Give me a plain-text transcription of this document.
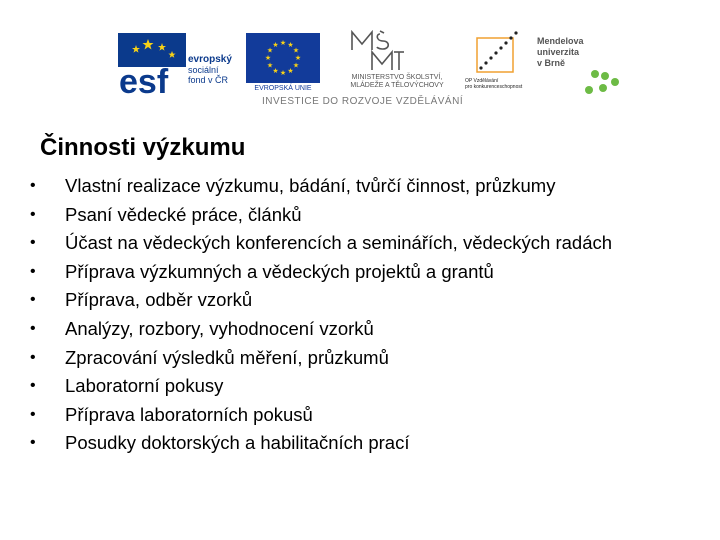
esf
evropský
sociální
fond v ČR
★ ★
★
★
★
★
★
★
★
★
★
★
EVROPSKÁ UNIE
MINISTERSTVO ŠKOLSTVÍ,
MLÁDEŽE A TĚLOVÝCHOVY
INVESTICE DO ROZVOJE VZDĚLÁVÁNÍ
OP Vzdělávání
pro konkurenceschopnost
Mendelova
univerzita
v Brně
Činnosti výzkumu
• Vlastní realizace výzkumu, bádání, tvůrčí činnost, průzkumy
• Psaní vědecké práce, článků
• Účast na vědeckých konferencích a seminářích, vědeckých radách
• Příprava výzkumných a vědeckých projektů a grantů
• Příprava, odběr vzorků
• Analýzy, rozbory, vyhodnocení vzorků
• Zpracování výsledků měření, průzkumů
• Laboratorní pokusy
• Příprava laboratorních pokusů
• Posudky doktorských a habilitačních prací
